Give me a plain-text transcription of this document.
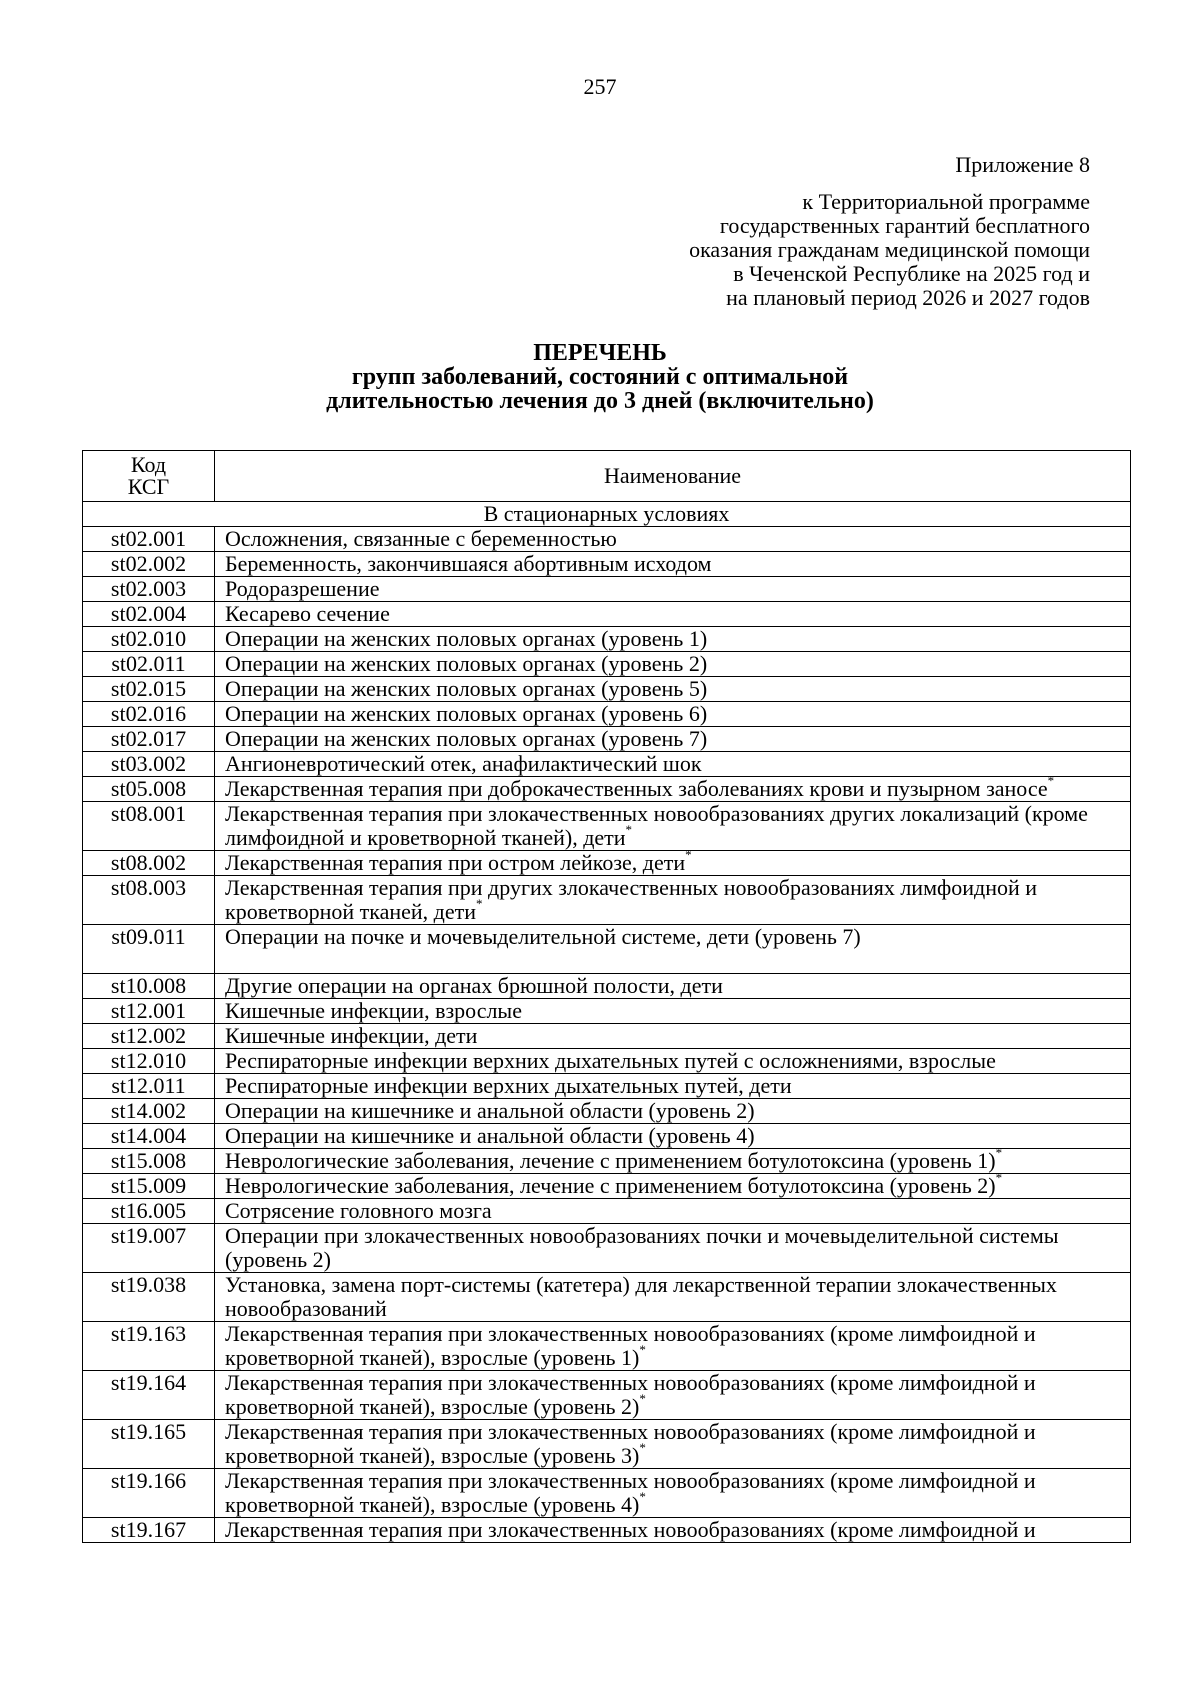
257
Приложение 8
к Территориальной программе
государственных гарантий бесплатного
оказания гражданам медицинской помощи
в Чеченской Республике на 2025 год и
на плановый период 2026 и 2027 годов
ПЕРЕЧЕНЬ
групп заболеваний, состояний с оптимальной
длительностью лечения до 3 дней (включительно)
Код
КСГ	Наименование
В стационарных условиях	
st02.001	Осложнения, связанные с беременностью
st02.002	Беременность, закончившаяся абортивным исходом
st02.003	Родоразрешение
st02.004	Кесарево сечение
st02.010	Операции на женских половых органах (уровень 1)
st02.011	Операции на женских половых органах (уровень 2)
st02.015	Операции на женских половых органах (уровень 5)
st02.016	Операции на женских половых органах (уровень 6)
st02.017	Операции на женских половых органах (уровень 7)
st03.002	Ангионевротический отек, анафилактический шок
st05.008	Лекарственная терапия при доброкачественных заболеваниях крови и пузырном заносе*
st08.001	Лекарственная терапия при злокачественных новообразованиях других локализаций (кроме лимфоидной и кроветворной тканей), дети*
st08.002	Лекарственная терапия при остром лейкозе, дети*
st08.003	Лекарственная терапия при других злокачественных новообразованиях лимфоидной и кроветворной тканей, дети*
st09.011	Операции на почке и мочевыделительной системе, дети (уровень 7)
st10.008	Другие операции на органах брюшной полости, дети
st12.001	Кишечные инфекции, взрослые
st12.002	Кишечные инфекции, дети
st12.010	Респираторные инфекции верхних дыхательных путей с осложнениями, взрослые
st12.011	Респираторные инфекции верхних дыхательных путей, дети
st14.002	Операции на кишечнике и анальной области (уровень 2)
st14.004	Операции на кишечнике и анальной области (уровень 4)
st15.008	Неврологические заболевания, лечение с применением ботулотоксина (уровень 1)*
st15.009	Неврологические заболевания, лечение с применением ботулотоксина (уровень 2)*
st16.005	Сотрясение головного мозга
st19.007	Операции при злокачественных новообразованиях почки и мочевыделительной системы (уровень 2)
st19.038	Установка, замена порт-системы (катетера) для лекарственной терапии злокачественных новообразований
st19.163	Лекарственная терапия при злокачественных новообразованиях (кроме лимфоидной и кроветворной тканей), взрослые (уровень 1)*
st19.164	Лекарственная терапия при злокачественных новообразованиях (кроме лимфоидной и кроветворной тканей), взрослые (уровень 2)*
st19.165	Лекарственная терапия при злокачественных новообразованиях (кроме лимфоидной и кроветворной тканей), взрослые (уровень 3)*
st19.166	Лекарственная терапия при злокачественных новообразованиях (кроме лимфоидной и кроветворной тканей), взрослые (уровень 4)*
st19.167	Лекарственная терапия при злокачественных новообразованиях (кроме лимфоидной и
